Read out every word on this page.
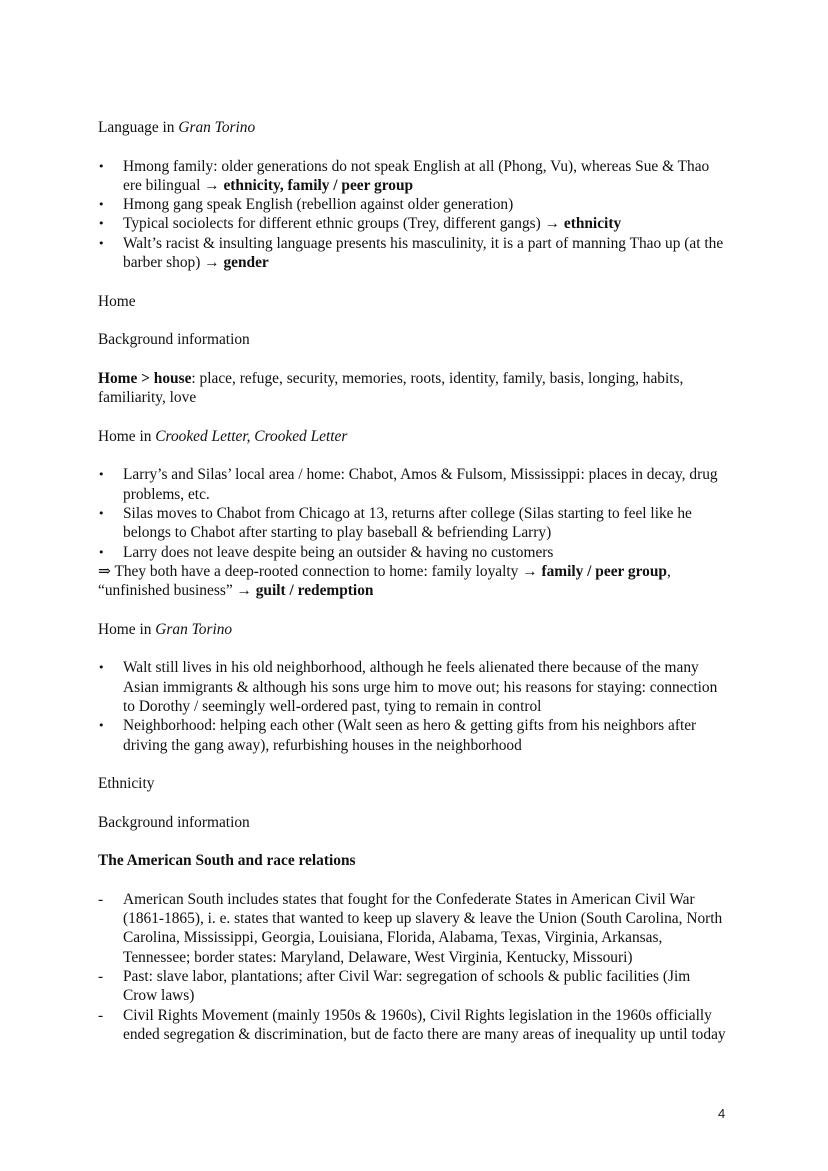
Language in Gran Torino

•	Hmong family: older generations do not speak English at all (Phong, Vu), whereas Sue & Thao ere bilingual → ethnicity, family / peer group
•	Hmong gang speak English (rebellion against older generation)
•	Typical sociolects for different ethnic groups (Trey, different gangs) → ethnicity
•	Walt’s racist & insulting language presents his masculinity, it is a part of manning Thao up (at the barber shop) → gender

Home

Background information

Home > house: place, refuge, security, memories, roots, identity, family, basis, longing, habits, familiarity, love

Home in Crooked Letter, Crooked Letter

•	Larry’s and Silas’ local area / home: Chabot, Amos & Fulsom, Mississippi: places in decay, drug problems, etc.
•	Silas moves to Chabot from Chicago at 13, returns after college (Silas starting to feel like he belongs to Chabot after starting to play baseball & befriending Larry)
•	Larry does not leave despite being an outsider & having no customers

⇒ They both have a deep-rooted connection to home: family loyalty → family / peer group, “unfinished business” → guilt / redemption

Home in Gran Torino

•	Walt still lives in his old neighborhood, although he feels alienated there because of the many Asian immigrants & although his sons urge him to move out; his reasons for staying: connection to Dorothy / seemingly well-ordered past, tying to remain in control
•	Neighborhood: helping each other (Walt seen as hero & getting gifts from his neighbors after driving the gang away), refurbishing houses in the neighborhood

Ethnicity

Background information

The American South and race relations

-	American South includes states that fought for the Confederate States in American Civil War (1861-1865), i. e. states that wanted to keep up slavery & leave the Union (South Carolina, North Carolina, Mississippi, Georgia, Louisiana, Florida, Alabama, Texas, Virginia, Arkansas, Tennessee; border states: Maryland, Delaware, West Virginia, Kentucky, Missouri)
-	Past: slave labor, plantations; after Civil War: segregation of schools & public facilities (Jim Crow laws)
-	Civil Rights Movement (mainly 1950s & 1960s), Civil Rights legislation in the 1960s officially ended segregation & discrimination, but de facto there are many areas of inequality up until today
4
